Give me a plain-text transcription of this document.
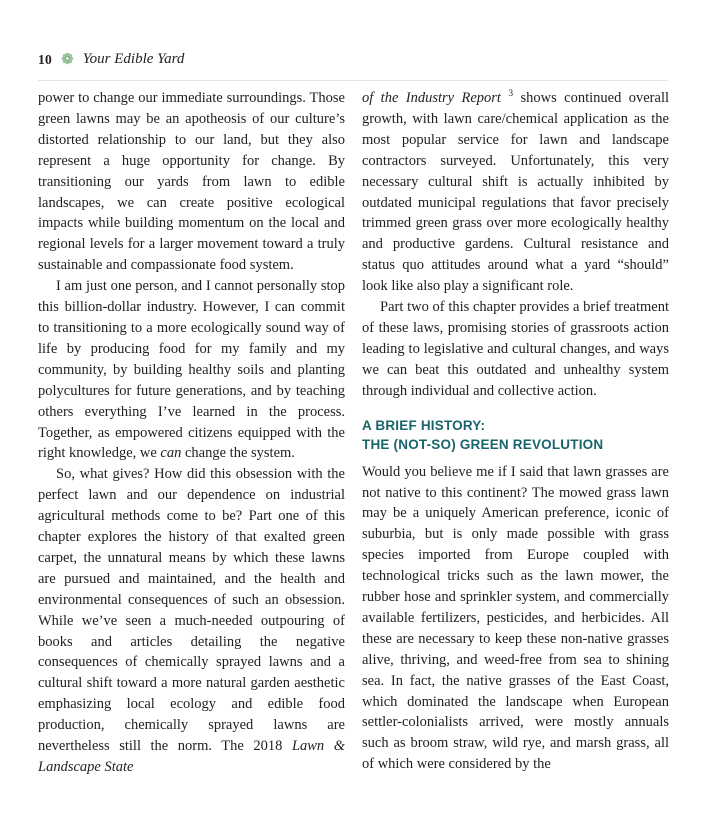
10 ❁ Your Edible Yard

power to change our immediate surroundings. Those green lawns may be an apotheosis of our culture’s distorted relationship to our land, but they also represent a huge opportunity for change. By transitioning our yards from lawn to edible landscapes, we can create positive ecological impacts while building momentum on the local and regional levels for a larger movement toward a truly sustainable and compassionate food system.

I am just one person, and I cannot personally stop this billion-dollar industry. However, I can commit to transitioning to a more ecologically sound way of life by producing food for my family and my community, by building healthy soils and planting polycultures for future generations, and by teaching others everything I’ve learned in the process. Together, as empowered citizens equipped with the right knowledge, we can change the system.

So, what gives? How did this obsession with the perfect lawn and our dependence on industrial agricultural methods come to be? Part one of this chapter explores the history of that exalted green carpet, the unnatural means by which these lawns are pursued and maintained, and the health and environmental consequences of such an obsession. While we’ve seen a much-needed outpouring of books and articles detailing the negative consequences of chemically sprayed lawns and a cultural shift toward a more natural garden aesthetic emphasizing local ecology and edible food production, chemically sprayed lawns are nevertheless still the norm. The 2018 Lawn & Landscape State

of the Industry Report $^3$ shows continued overall growth, with lawn care/chemical application as the most popular service for lawn and landscape contractors surveyed. Unfortunately, this very necessary cultural shift is actually inhibited by outdated municipal regulations that favor precisely trimmed green grass over more ecologically healthy and productive gardens. Cultural resistance and status quo attitudes around what a yard “should” look like also play a significant role.

Part two of this chapter provides a brief treatment of these laws, promising stories of grassroots action leading to legislative and cultural changes, and ways we can beat this outdated and unhealthy system through individual and collective action.

A BRIEF HISTORY:
THE (NOT-SO) GREEN REVOLUTION

Would you believe me if I said that lawn grasses are not native to this continent? The mowed grass lawn may be a uniquely American preference, iconic of suburbia, but is only made possible with grass species imported from Europe coupled with technological tricks such as the lawn mower, the rubber hose and sprinkler system, and commercially available fertilizers, pesticides, and herbicides. All these are necessary to keep these non-native grasses alive, thriving, and weed-free from sea to shining sea. In fact, the native grasses of the East Coast, which dominated the landscape when European settler-colonialists arrived, were mostly annuals such as broom straw, wild rye, and marsh grass, all of which were considered by the
